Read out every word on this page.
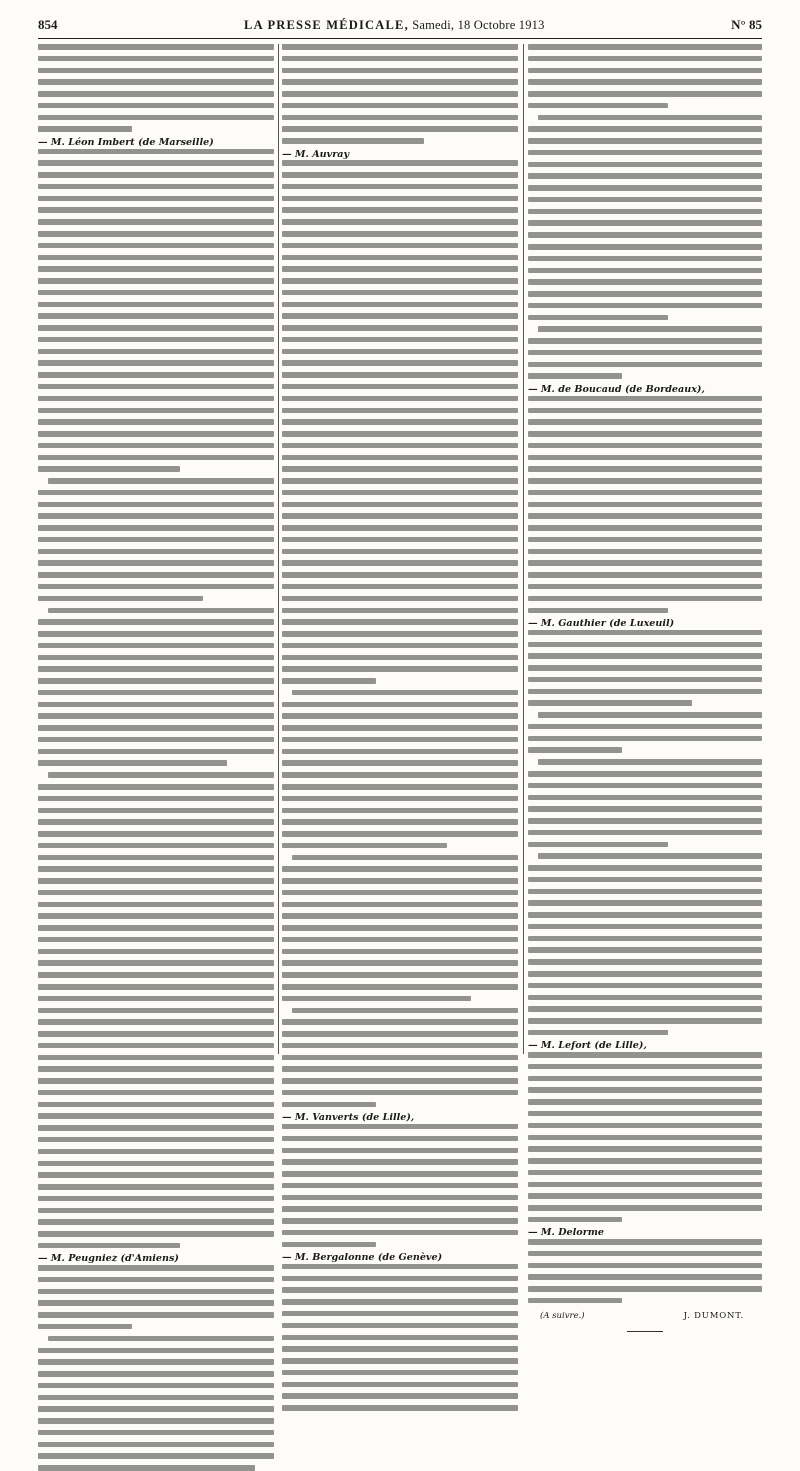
854	LA PRESSE MÉDICALE, Samedi, 18 Octobre 1913	N° 85

— M. Léon Imbert (de Marseille)

— M. Peugniez (d'Amiens)

— M. Auvray

— M. Vanverts (de Lille),

— M. Bergalonne (de Genève)

— M. de Boucaud (de Bordeaux),

— M. Gauthier (de Luxeuil)

— M. Lefort (de Lille),

— M. Delorme

(A suivre.)	J. DUMONT.
